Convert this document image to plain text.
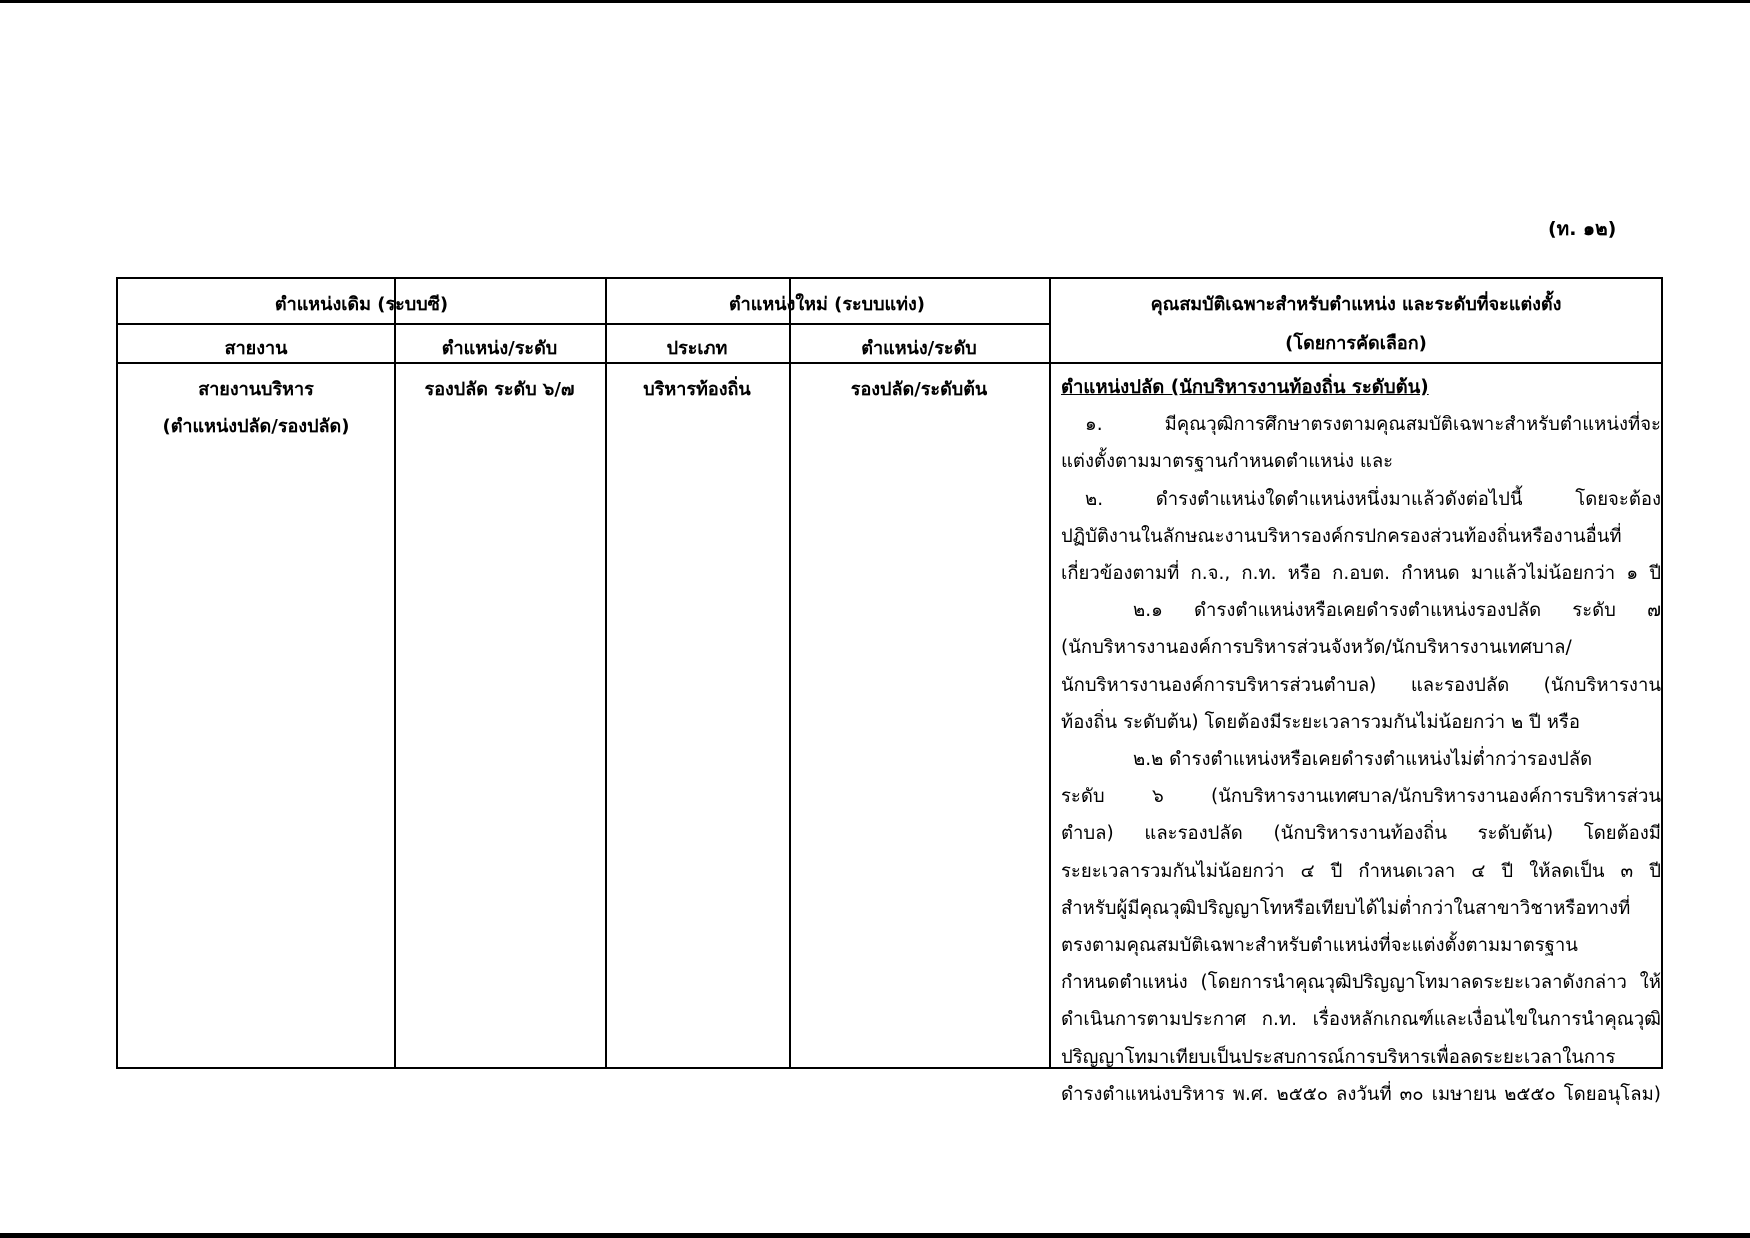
(ท. ๑๒)
ตำแหน่งเดิม (ระบบซี)	ตำแหน่งใหม่ (ระบบแท่ง)	คุณสมบัติเฉพาะสำหรับตำแหน่ง และระดับที่จะแต่งตั้ง
(โดยการคัดเลือก)
สายงาน	ตำแหน่ง/ระดับ	ประเภท	ตำแหน่ง/ระดับ
สายงานบริหาร
(ตำแหน่งปลัด/รองปลัด)
รองปลัด ระดับ ๖/๗	บริหารท้องถิ่น	รองปลัด/ระดับต้น	ตำแหน่งปลัด (นักบริหารงานท้องถิ่น ระดับต้น)
๑. มีคุณวุฒิการศึกษาตรงตามคุณสมบัติเฉพาะสำหรับตำแหน่งที่จะ
แต่งตั้งตามมาตรฐานกำหนดตำแหน่ง และ
๒. ดำรงตำแหน่งใดตำแหน่งหนึ่งมาแล้วดังต่อไปนี้ โดยจะต้อง
ปฏิบัติงานในลักษณะงานบริหารองค์กรปกครองส่วนท้องถิ่นหรืองานอื่นที่
เกี่ยวข้องตามที่ ก.จ., ก.ท. หรือ ก.อบต. กำหนด มาแล้วไม่น้อยกว่า ๑ ปี
๒.๑ ดำรงตำแหน่งหรือเคยดำรงตำแหน่งรองปลัด ระดับ ๗
(นักบริหารงานองค์การบริหารส่วนจังหวัด/นักบริหารงานเทศบาล/
นักบริหารงานองค์การบริหารส่วนตำบล) และรองปลัด (นักบริหารงาน
ท้องถิ่น ระดับต้น) โดยต้องมีระยะเวลารวมกันไม่น้อยกว่า ๒ ปี หรือ
๒.๒ ดำรงตำแหน่งหรือเคยดำรงตำแหน่งไม่ต่ำกว่ารองปลัด
ระดับ ๖ (นักบริหารงานเทศบาล/นักบริหารงานองค์การบริหารส่วน
ตำบล) และรองปลัด (นักบริหารงานท้องถิ่น ระดับต้น) โดยต้องมี
ระยะเวลารวมกันไม่น้อยกว่า ๔ ปี กำหนดเวลา ๔ ปี ให้ลดเป็น ๓ ปี
สำหรับผู้มีคุณวุฒิปริญญาโทหรือเทียบได้ไม่ต่ำกว่าในสาขาวิชาหรือทางที่
ตรงตามคุณสมบัติเฉพาะสำหรับตำแหน่งที่จะแต่งตั้งตามมาตรฐาน
กำหนดตำแหน่ง (โดยการนำคุณวุฒิปริญญาโทมาลดระยะเวลาดังกล่าว ให้
ดำเนินการตามประกาศ ก.ท. เรื่องหลักเกณฑ์และเงื่อนไขในการนำคุณวุฒิ
ปริญญาโทมาเทียบเป็นประสบการณ์การบริหารเพื่อลดระยะเวลาในการ
ดำรงตำแหน่งบริหาร พ.ศ. ๒๕๕๐ ลงวันที่ ๓๐ เมษายน ๒๕๕๐ โดยอนุโลม)
